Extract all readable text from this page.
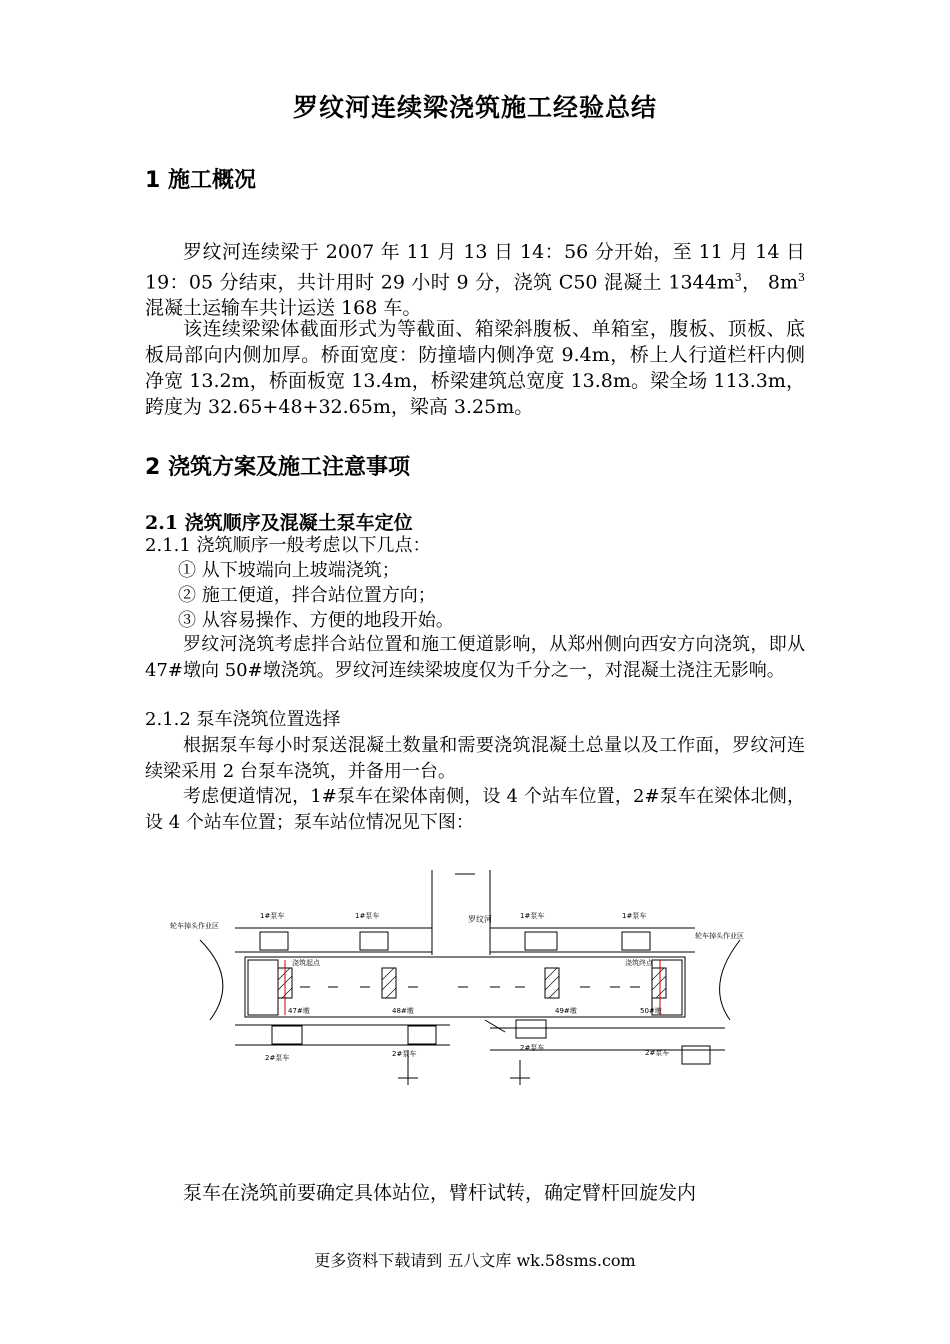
罗纹河连续梁浇筑施工经验总结
1 施工概况
罗纹河连续梁于 2007 年 11 月 13 日 14：56 分开始，至 11 月 14 日 19：05 分结束，共计用时 29 小时 9 分，浇筑 C50 混凝土 $1344m^3$， $8m^3$混凝土运输车共计运送 168 车。
该连续梁梁体截面形式为等截面、箱梁斜腹板、单箱室，腹板、顶板、底板局部向内侧加厚。桥面宽度：防撞墙内侧净宽 9.4m，桥上人行道栏杆内侧净宽 13.2m，桥面板宽 13.4m，桥梁建筑总宽度 13.8m。梁全场 113.3m，跨度为 32.65+48+32.65m，梁高 3.25m。
2 浇筑方案及施工注意事项
2.1 浇筑顺序及混凝土泵车定位
2.1.1 浇筑顺序一般考虑以下几点：
① 从下坡端向上坡端浇筑；
② 施工便道，拌合站位置方向；
③ 从容易操作、方便的地段开始。
罗纹河浇筑考虑拌合站位置和施工便道影响，从郑州侧向西安方向浇筑，即从 47#墩向 50#墩浇筑。罗纹河连续梁坡度仅为千分之一，对混凝土浇注无影响。
2.1.2 泵车浇筑位置选择
根据泵车每小时泵送混凝土数量和需要浇筑混凝土总量以及工作面，罗纹河连续梁采用 2 台泵车浇筑，并备用一台。
考虑便道情况，1#泵车在梁体南侧，设 4 个站车位置，2#泵车在梁体北侧，设 4 个站车位置；泵车站位情况见下图：
轮车掉头作业区
轮车掉头作业区
罗纹河
1#泵车	1#泵车	1#泵车	1#泵车
2#泵车	2#泵车
2#泵车
2#泵车
47#墩	48#墩	49#墩	50#墩
浇筑起点	浇筑终点
泵车在浇筑前要确定具体站位，臂杆试转，确定臂杆回旋发内
更多资料下载请到 五八文库 wk.58sms.com
